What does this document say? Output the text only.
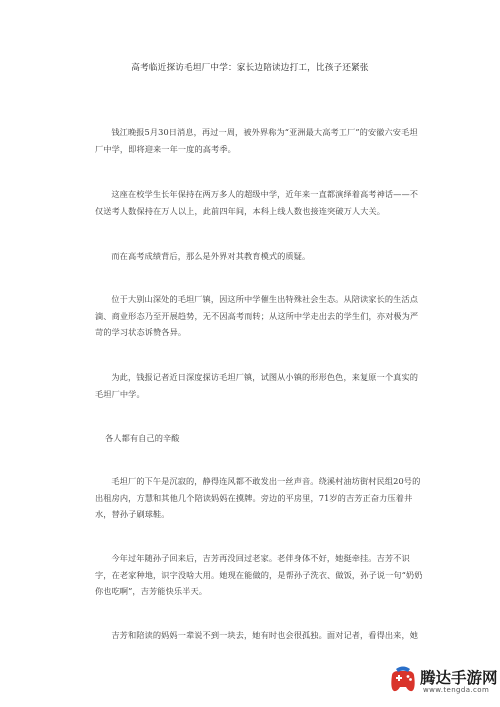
高考临近探访毛坦厂中学：家长边陪读边打工，比孩子还紧张
钱江晚报5月30日消息，再过一周，被外界称为“亚洲最大高考工厂”的安徽六安毛坦厂中学，即将迎来一年一度的高考季。
这座在校学生长年保持在两万多人的超级中学，近年来一直都演绎着高考神话——不仅送考人数保持在万人以上，此前四年间，本科上线人数也接连突破万人大关。
而在高考成绩背后，那么是外界对其教育模式的质疑。
位于大别山深处的毛坦厂镇，因这所中学催生出特殊社会生态。从陪读家长的生活点滴、商业形态乃至开展趋势，无不因高考而转；从这所中学走出去的学生们，亦对极为严苛的学习状态诉赞各异。
为此，钱报记者近日深度探访毛坦厂镇，试图从小镇的形形色色，来复原一个真实的毛坦厂中学。
各人都有自己的辛酸
毛坦厂的下午是沉寂的，静得连风都不敢发出一丝声音。绕溪村油坊街村民组20号的出租房内，方慧和其他几个陪读妈妈在摸牌。旁边的平房里，71岁的吉芳正奋力压着井水，替孙子刷球鞋。
今年过年随孙子回来后，吉芳再没回过老家。老伴身体不好，她挺牵挂。吉芳不识字，在老家种地，识字没啥大用。她现在能做的，是帮孙子洗衣、做饭，孙子说一句“奶奶你也吃啊”，吉芳能快乐半天。
吉芳和陪读的妈妈一辈说不到一块去，她有时也会很孤独。面对记者，看得出来，她
腾达手游网
www.tengda.com
